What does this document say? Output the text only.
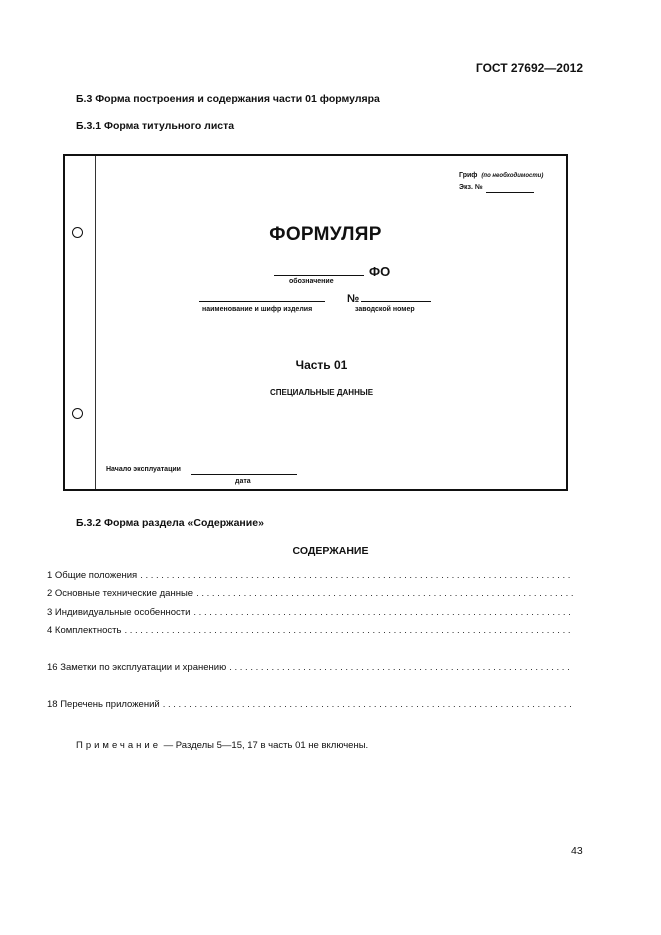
ГОСТ 27692—2012
Б.3 Форма построения и содержания части 01 формуляра
Б.3.1 Форма титульного листа
Гриф (по необходимости)
Экз. №
ФОРМУЛЯР
ФО
обозначение
№
наименование и шифр изделия	заводской номер
Часть 01
СПЕЦИАЛЬНЫЕ ДАННЫЕ
Начало эксплуатации
дата
Б.3.2 Форма раздела «Содержание»
СОДЕРЖАНИЕ
1 Общие положения
. . .
2 Основные технические данные
. . .
3 Индивидуальные особенности
. . .
4 Комплектность
. . .
16 Заметки по эксплуатации и хранению
. . .
18 Перечень приложений
. . .
Примечание — Разделы 5—15, 17 в часть 01 не включены.
43
